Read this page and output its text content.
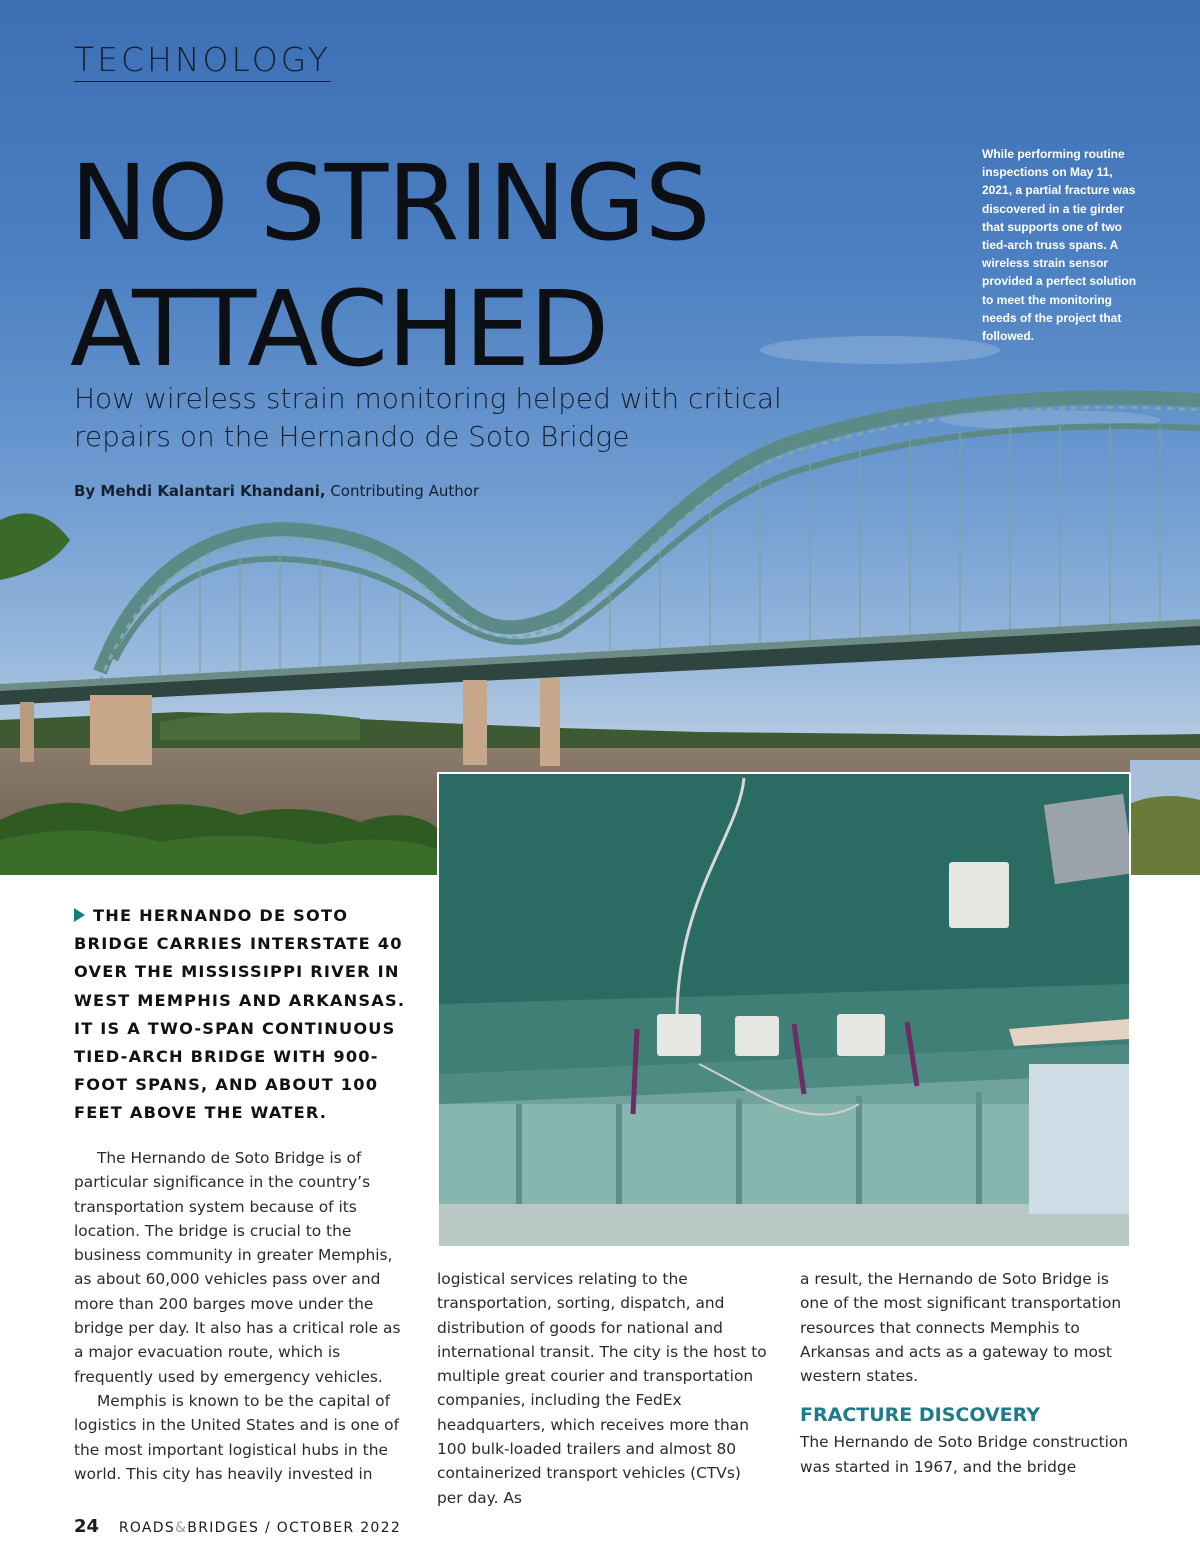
TECHNOLOGY
NO STRINGS
ATTACHED

How wireless strain monitoring helped with critical repairs on the Hernando de Soto Bridge

By Mehdi Kalantari Khandani, Contributing Author

While performing routine inspections on May 11, 2021, a partial fracture was discovered in a tie girder that supports one of two tied-arch truss spans. A wireless strain sensor provided a perfect solution to meet the monitoring needs of the project that followed.

THE HERNANDO DE SOTO BRIDGE CARRIES INTERSTATE 40 OVER THE MISSISSIPPI RIVER IN WEST MEMPHIS AND ARKANSAS. IT IS A TWO-SPAN CONTINUOUS TIED-ARCH BRIDGE WITH 900-FOOT SPANS, AND ABOUT 100 FEET ABOVE THE WATER.

The Hernando de Soto Bridge is of particular significance in the country’s transportation system because of its location. The bridge is crucial to the business community in greater Memphis, as about 60,000 vehicles pass over and more than 200 barges move under the bridge per day. It also has a critical role as a major evacuation route, which is frequently used by emergency vehicles.

Memphis is known to be the capital of logistics in the United States and is one of the most important logistical hubs in the world. This city has heavily invested in

logistical services relating to the transportation, sorting, dispatch, and distribution of goods for national and international transit. The city is the host to multiple great courier and transportation companies, including the FedEx headquarters, which receives more than 100 bulk-loaded trailers and almost 80 containerized transport vehicles (CTVs) per day. As

a result, the Hernando de Soto Bridge is one of the most significant transportation resources that connects Memphis to Arkansas and acts as a gateway to most western states.

FRACTURE DISCOVERY

The Hernando de Soto Bridge construction was started in 1967, and the bridge

24 ROADS&BRIDGES / OCTOBER 2022
